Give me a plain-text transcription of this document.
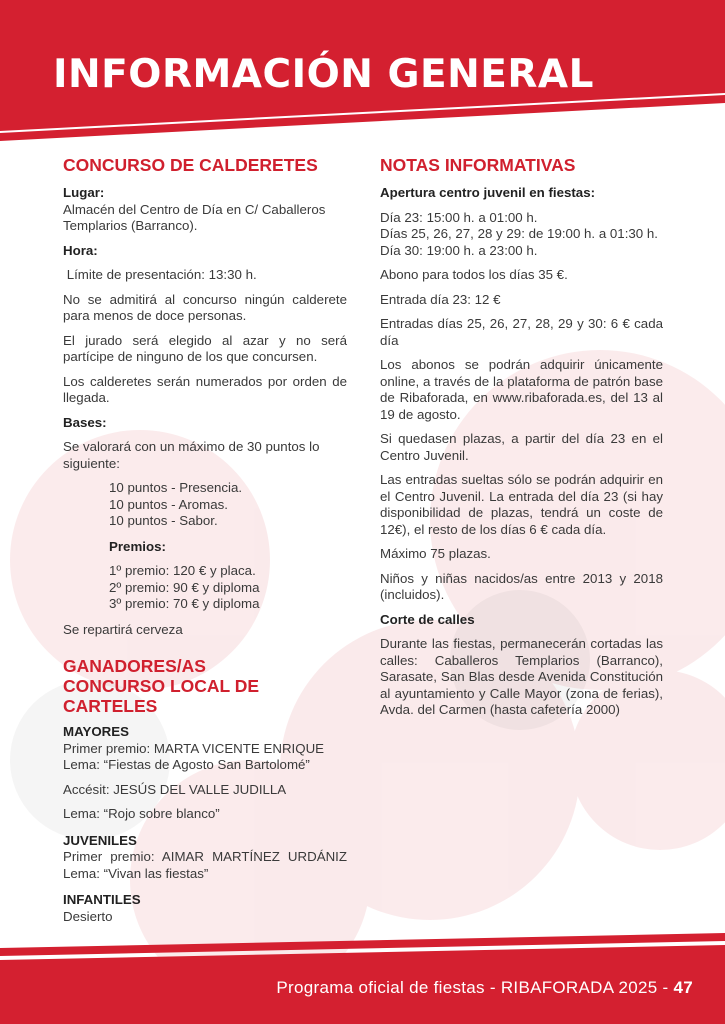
INFORMACIÓN GENERAL
CONCURSO DE CALDERETES
Lugar:

Almacén del Centro de Día en C/ Caballeros Templarios (Barranco).

Hora:

Límite de presentación: 13:30 h.

No se admitirá al concurso ningún calderete para menos de doce personas.

El jurado será elegido al azar y no será partícipe de ninguno de los que concursen.

Los calderetes serán numerados por orden de llegada.

Bases:

Se valorará con un máximo de 30 puntos lo siguiente:

10 puntos - Presencia.

10 puntos - Aromas.

10 puntos - Sabor.

Premios:

1º premio: 120 € y placa.

2º premio: 90 € y diploma

3º premio: 70 € y diploma

Se repartirá cerveza

GANADORES/AS
CONCURSO LOCAL DE CARTELES
MAYORES

Primer premio: MARTA VICENTE ENRIQUE

Lema: “Fiestas de Agosto San Bartolomé”

Accésit: JESÚS DEL VALLE JUDILLA

Lema: “Rojo sobre blanco”

JUVENILES

Primer premio: AIMAR MARTÍNEZ URDÁNIZ Lema: “Vivan las fiestas”

INFANTILES

Desierto

NOTAS INFORMATIVAS
Apertura centro juvenil en fiestas:

Día 23: 15:00 h. a 01:00 h.

Días 25, 26, 27, 28 y 29: de 19:00 h. a 01:30 h.

Día 30: 19:00 h. a 23:00 h.

Abono para todos los días 35 €.

Entrada día 23: 12 €

Entradas días 25, 26, 27, 28, 29 y 30: 6 € cada día

Los abonos se podrán adquirir únicamente online, a través de la plataforma de patrón base de Ribaforada, en www.ribaforada.es, del 13 al 19 de agosto.

Si quedasen plazas, a partir del día 23 en el Centro Juvenil.

Las entradas sueltas sólo se podrán adquirir en el Centro Juvenil. La entrada del día 23 (si hay disponibilidad de plazas, tendrá un coste de 12€), el resto de los días 6 € cada día.

Máximo 75 plazas.

Niños y niñas nacidos/as entre 2013 y 2018 (incluidos).

Corte de calles

Durante las fiestas, permanecerán cortadas las calles: Caballeros Templarios (Barranco), Sarasate, San Blas desde Avenida Constitución al ayuntamiento y Calle Mayor (zona de ferias), Avda. del Carmen (hasta cafetería 2000)

Programa oficial de fiestas - RIBAFORADA 2025 - 47
